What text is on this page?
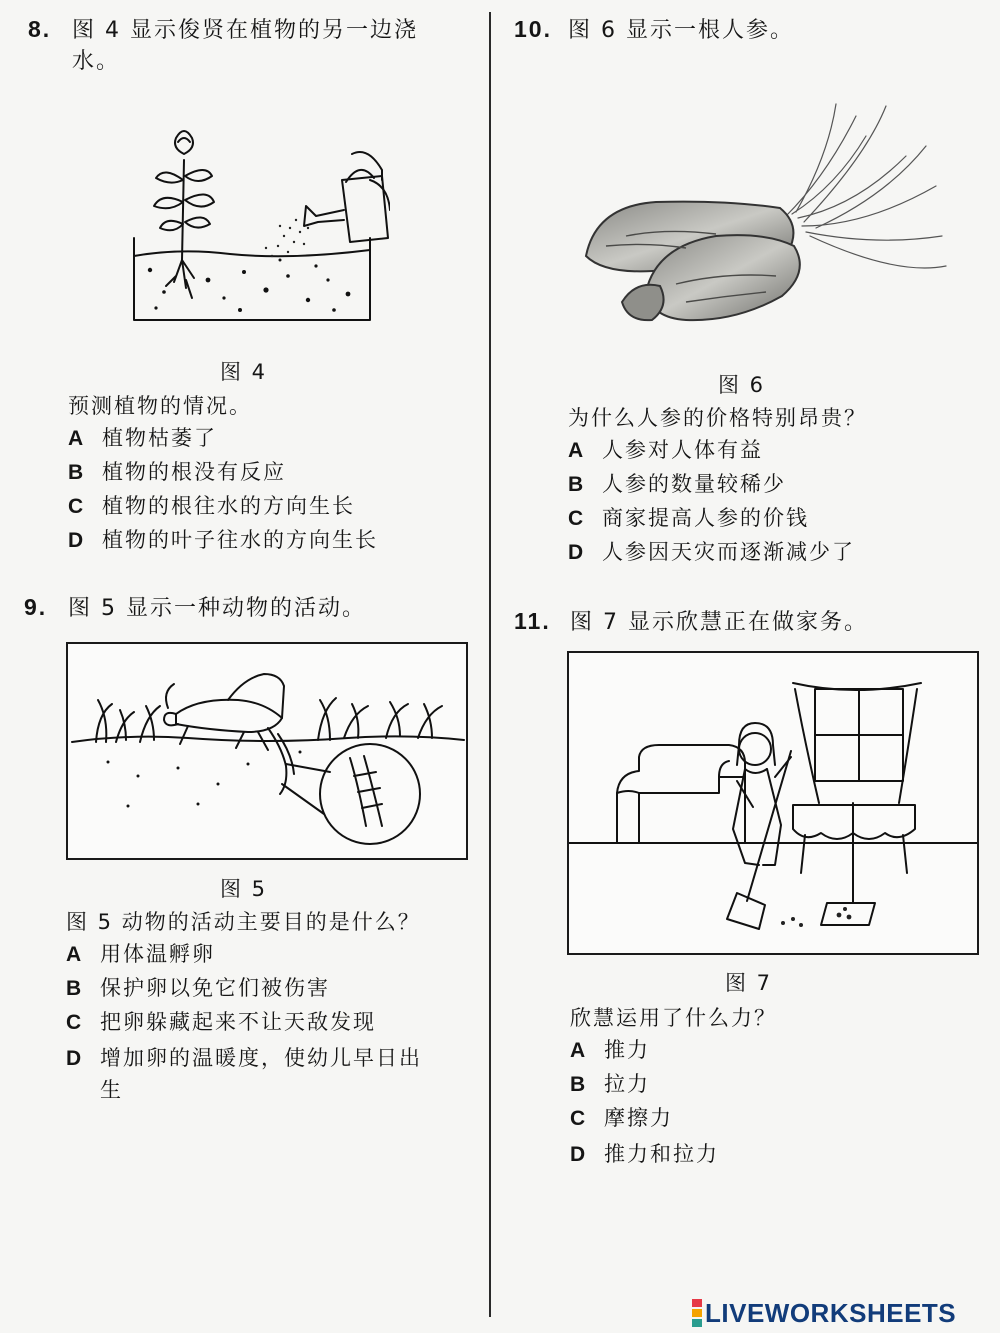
8. 图 4 显示俊贤在植物的另一边浇
水。
图 4
预测植物的情况。
A 植物枯萎了
B 植物的根没有反应
C 植物的根往水的方向生长
D 植物的叶子往水的方向生长
9. 图 5 显示一种动物的活动。
图 5
图 5 动物的活动主要目的是什么？
A 用体温孵卵
B 保护卵以免它们被伤害
C 把卵躲藏起来不让天敌发现
D 增加卵的温暖度，使幼儿早日出
生
10. 图 6 显示一根人参。
图 6
为什么人参的价格特别昂贵？
A 人参对人体有益
B 人参的数量较稀少
C 商家提高人参的价钱
D 人参因天灾而逐渐减少了
11. 图 7 显示欣慧正在做家务。
图 7
欣慧运用了什么力？
A 推力
B 拉力
C 摩擦力
D 推力和拉力
LIVEWORKSHEETS
